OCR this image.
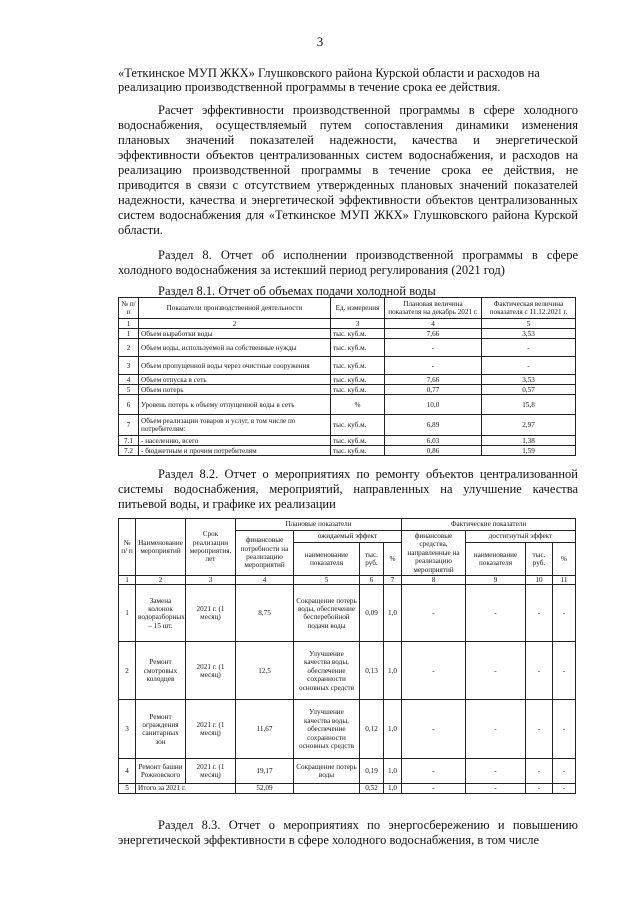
3

«Теткинское МУП ЖКХ» Глушковского района Курской области и расходов на

реализацию производственной программы в течение срока ее действия.

Расчет эффективности производственной программы в сфере холодного водоснабжения, осуществляемый путем сопоставления динамики изменения плановых значений показателей надежности, качества и энергетической эффективности объектов централизованных систем водоснабжения, и расходов на реализацию производственной программы в течение срока ее действия, не приводится в связи с отсутствием утвержденных плановых значений показателей надежности, качества и энергетической эффективности объектов централизованных систем водоснабжения для «Теткинское МУП ЖКХ» Глушковского района Курской области.

Раздел 8. Отчет об исполнении производственной программы в сфере холодного водоснабжения за истекший период регулирования (2021 год)

Раздел 8.1. Отчет об объемах подачи холодной воды

№ п/п	Показатели производственной деятельности	Ед. измерения	Плановая величина показателя на декабрь 2021 г.	Фактическая величина показателя с 11.12.2021 г.
1	2	3	4	5
1	Объем выработки воды	тыс. куб.м.	7,66	3,53
2	Объем воды, используемой на собственные нужды	тыс. куб.м.	-	-
3	Объем пропущенной воды через очистные сооружения	тыс. куб.м.	-	-
4	Объем отпуска в сеть	тыс. куб.м.	7,66	3,53
5	Объем потерь	тыс. куб.м.	0,77	0,57
6	Уровень потерь к объему отпущенной воды в сеть	%	10,0	15,8
7	Объем реализации товаров и услуг, в том числе по потребителям:	тыс. куб.м.	6,89	2,97
7.1	- населению, всего	тыс. куб.м.	6,03	1,38
7.2	- бюджетным и прочим потребителям	тыс. куб.м.	0,86	1,59

Раздел 8.2. Отчет о мероприятиях по ремонту объектов централизованной системы водоснабжения, мероприятий, направленных на улучшение качества питьевой воды, и графике их реализации

№ п/ п	Наименование мероприятий	Срок реализации мероприятия, лет	Плановые показатели				Фактические показатели			
			финансовые потребности на реализацию мероприятий	ожидаемый эффект			финансовые средства, направленные на реализацию мероприятий	достигнутый эффект		
				наименование показателя	тыс. руб.	%		наименование показателя	тыс. руб.	%
1	2	3	4	5	6	7	8	9	10	11
1	Замена колонок водоразборных – 15 шт.	2021 г. (1 месяц)	8,75	Сокращение потерь воды, обеспечение бесперебойной подачи воды	0,09	1,0	-	-	-	-
2	Ремонт смотровых колодцев	2021 г. (1 месяц)	12,5	Улучшение качества воды, обеспечение сохранности основных средств	0,13	1,0	-	-	-	-
3	Ремонт ограждения санитарных зон	2021 г. (1 месяц)	11,67	Улучшение качества воды, обеспечение сохранности основных средств	0,12	1,0	-	-	-	-
4	Ремонт башни Рожновского	2021 г. (1 месяц)	19,17	Сокращение потерь воды	0,19	1,0	-	-	-	-
5	Итого за 2021 г.		52,09		0,52	1,0	-	-	-	-

Раздел 8.3. Отчет о мероприятиях по энергосбережению и повышению энергетической эффективности в сфере холодного водоснабжения, в том числе
